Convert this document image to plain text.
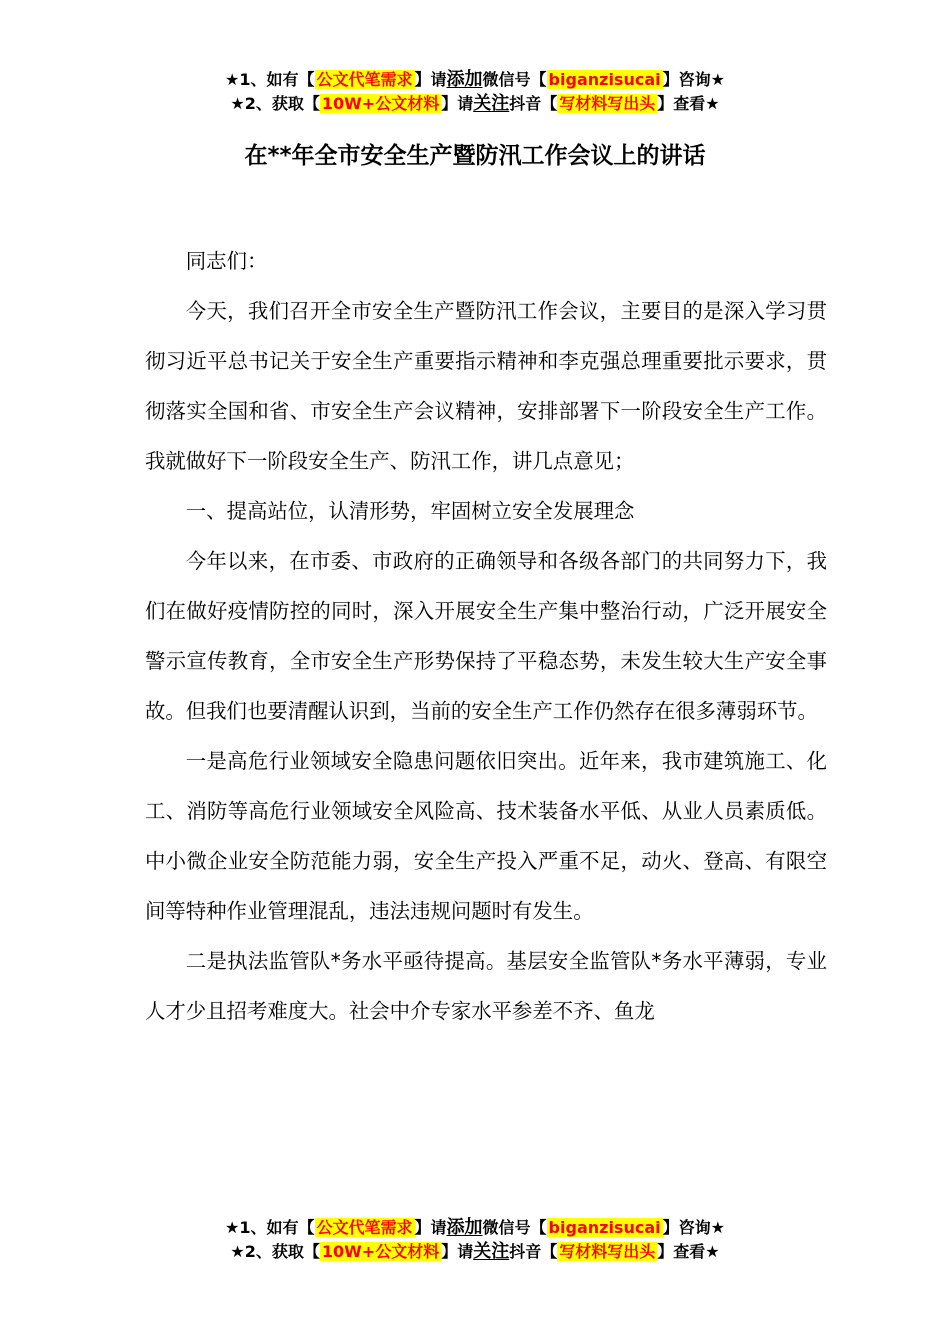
★1、如有【 公文代笔需求 】请添加微信号【 biganzisucai 】咨询★
★2、获取【 10W+公文材料 】请关注抖音【 写材料写出头 】查看★
在**年全市安全生产暨防汛工作会议上的讲话

同志们：

今天，我们召开全市安全生产暨防汛工作会议，主要目的是深入学习贯彻习近平总书记关于安全生产重要指示精神和李克强总理重要批示要求，贯彻落实全国和省、市安全生产会议精神，安排部署下一阶段安全生产工作。我就做好下一阶段安全生产、防汛工作，讲几点意见；

一、提高站位，认清形势，牢固树立安全发展理念

今年以来，在市委、市政府的正确领导和各级各部门的共同努力下，我们在做好疫情防控的同时，深入开展安全生产集中整治行动，广泛开展安全警示宣传教育，全市安全生产形势保持了平稳态势，未发生较大生产安全事故。但我们也要清醒认识到，当前的安全生产工作仍然存在很多薄弱环节。

一是高危行业领域安全隐患问题依旧突出。近年来，我市建筑施工、化工、消防等高危行业领域安全风险高、技术装备水平低、从业人员素质低。中小微企业安全防范能力弱，安全生产投入严重不足，动火、登高、有限空间等特种作业管理混乱，违法违规问题时有发生。

二是执法监管队*务水平亟待提高。基层安全监管队*务水平薄弱，专业人才少且招考难度大。社会中介专家水平参差不齐、鱼龙

★1、如有【 公文代笔需求 】请添加微信号【 biganzisucai 】咨询★
★2、获取【 10W+公文材料 】请关注抖音【 写材料写出头 】查看★
